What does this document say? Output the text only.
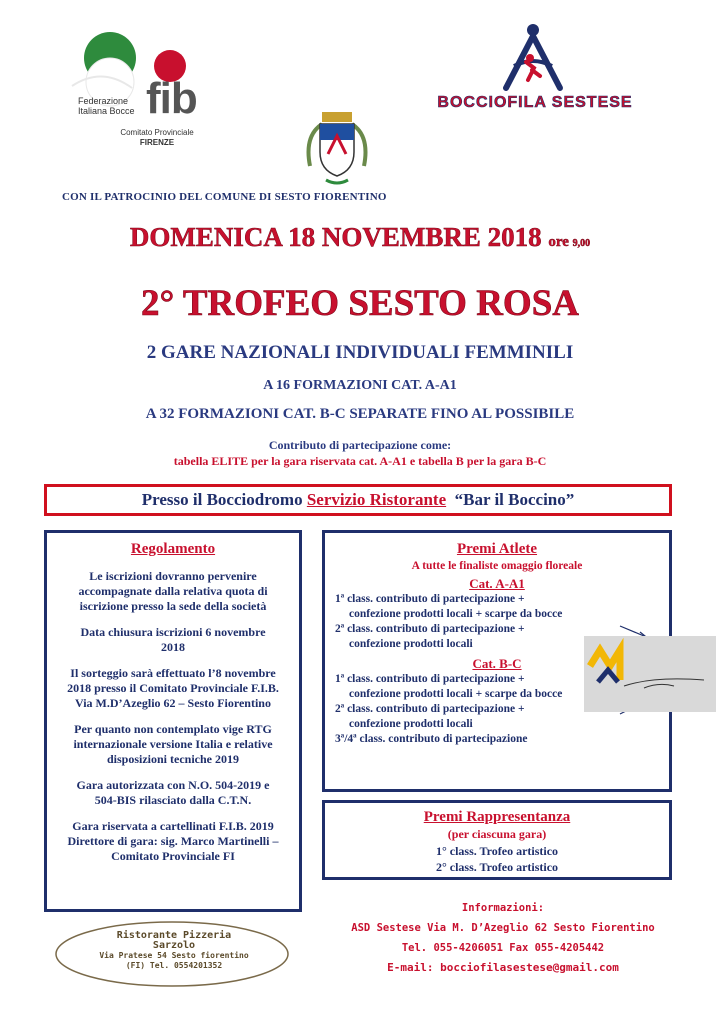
Federazione
Italiana Bocce fib
Comitato Provinciale
FIRENZE
BOCCIOFILA SESTESE
CON IL PATROCINIO DEL COMUNE DI SESTO FIORENTINO
DOMENICA 18 NOVEMBRE 2018 ore 9,00
2° TROFEO SESTO ROSA
2 GARE NAZIONALI INDIVIDUALI FEMMINILI
A 16 FORMAZIONI CAT. A-A1
A 32 FORMAZIONI CAT. B-C SEPARATE FINO AL POSSIBILE
Contributo di partecipazione come:
tabella ELITE per la gara riservata cat. A-A1 e tabella B per la gara B-C
Presso il Bocciodromo Servizio Ristorante “Bar il Boccino”
Regolamento
Le iscrizioni dovranno pervenire accompagnate dalla relativa quota di iscrizione presso la sede della società
Data chiusura iscrizioni 6 novembre 2018
Il sorteggio sarà effettuato l’8 novembre 2018 presso il Comitato Provinciale F.I.B. Via M.D’Azeglio 62 – Sesto Fiorentino
Per quanto non contemplato vige RTG internazionale versione Italia e relative disposizioni tecniche 2019
Gara autorizzata con N.O. 504-2019 e 504-BIS rilasciato dalla C.T.N.
Gara riservata a cartellinati F.I.B. 2019 Direttore di gara: sig. Marco Martinelli – Comitato Provinciale FI
Premi Atlete
A tutte le finaliste omaggio floreale
Cat. A-A1
1ª class. contributo di partecipazione +
confezione prodotti locali + scarpe da bocce
2ª class. contributo di partecipazione +
confezione prodotti locali
Cat. B-C
1ª class. contributo di partecipazione +
confezione prodotti locali + scarpe da bocce
2ª class. contributo di partecipazione +
confezione prodotti locali
3ª/4ª class. contributo di partecipazione
Premi Rappresentanza
(per ciascuna gara)
1° class. Trofeo artistico
2° class. Trofeo artistico
Ristorante Pizzeria
Sarzolo
Via Pratese 54 Sesto fiorentino
(FI) Tel. 0554201352
Informazioni:
ASD Sestese Via M. D’Azeglio 62 Sesto Fiorentino
Tel. 055-4206051 Fax 055-4205442
E-mail: bocciofilasestese@gmail.com
